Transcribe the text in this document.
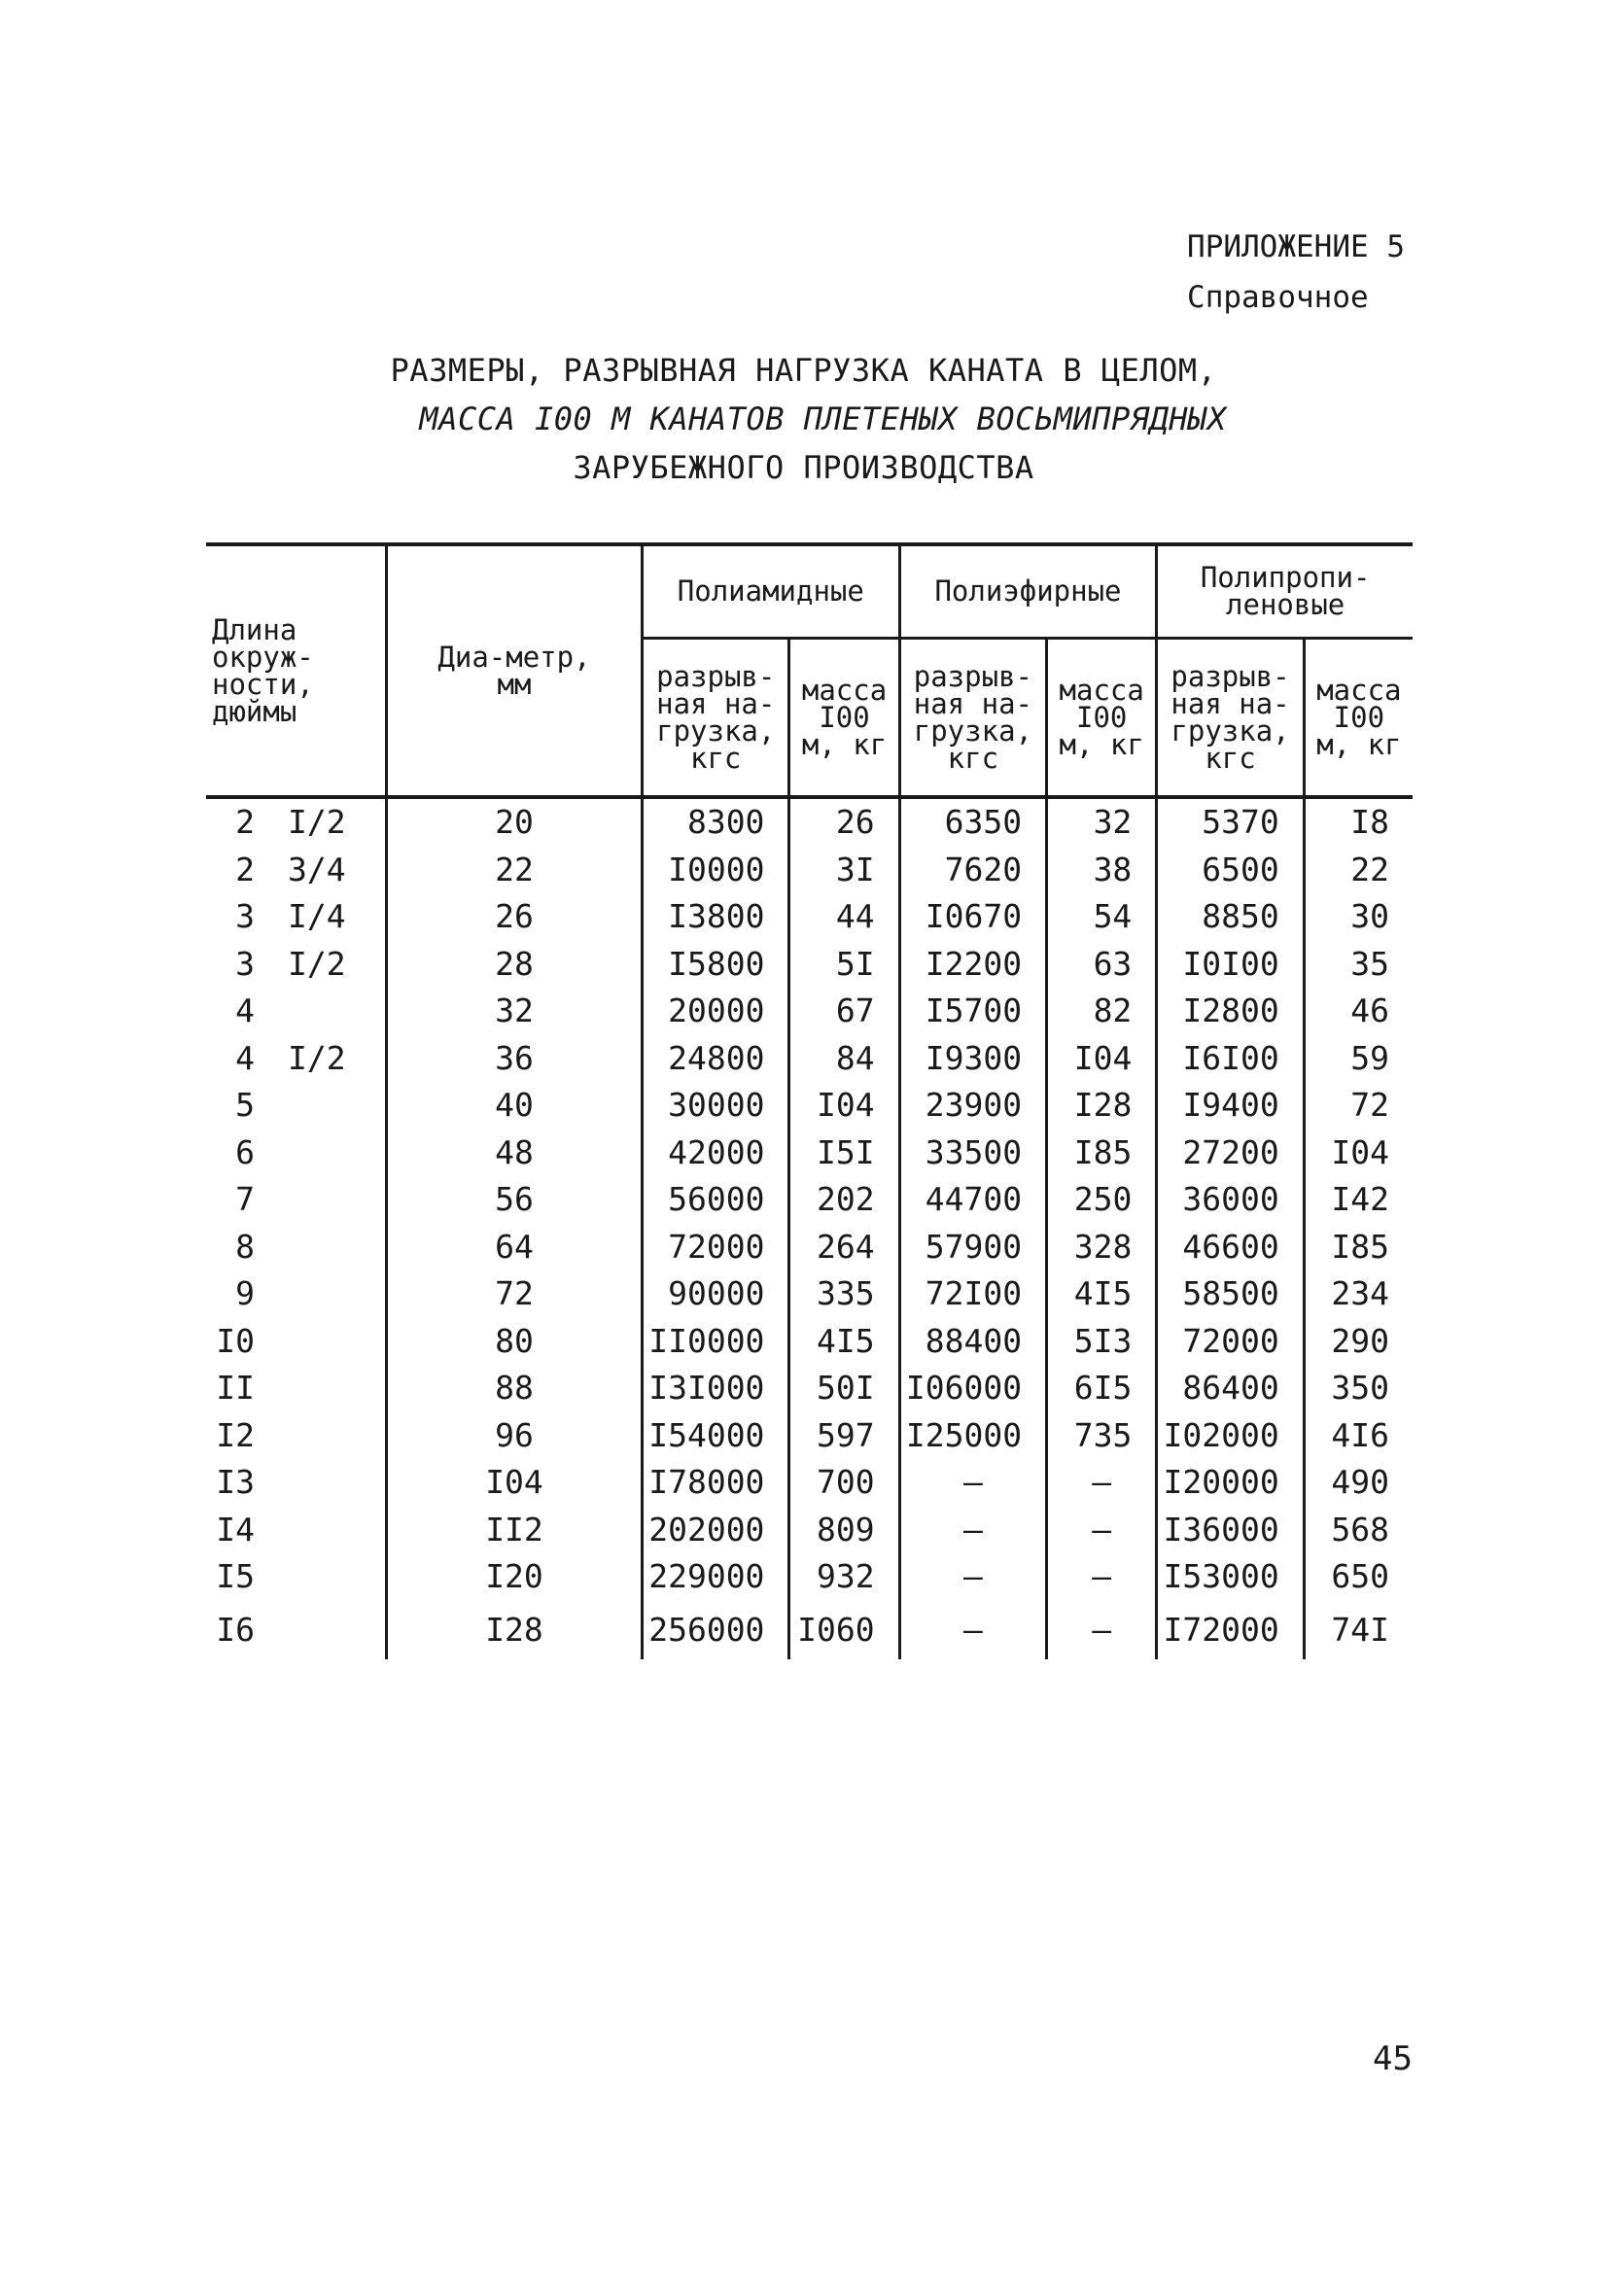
ПРИЛОЖЕНИЕ 5
Справочное
РАЗМЕРЫ, РАЗРЫВНАЯ НАГРУЗКА КАНАТА В ЦЕЛОМ,
МАССА I00 М КАНАТОВ ПЛЕТЕНЫХ ВОСЬМИПРЯДНЫХ
ЗАРУБЕЖНОГО ПРОИЗВОДСТВА
Длина окруж-ности, дюймы	Диа-метр, мм	Полиамидные		Полиэфирные		Полипропи-леновые	
		разрыв-ная на-грузка, кгс	масса I00 м, кг	разрыв-ная на-грузка, кгс	масса I00 м, кг	разрыв-ная на-грузка, кгс	масса I00 м, кг
2 I/2	20	8300	26	6350	32	5370	I8
2 3/4	22	I0000	3I	7620	38	6500	22
3 I/4	26	I3800	44	I0670	54	8850	30
3 I/2	28	I5800	5I	I2200	63	I0I00	35
4	32	20000	67	I5700	82	I2800	46
4 I/2	36	24800	84	I9300	I04	I6I00	59
5	40	30000	I04	23900	I28	I9400	72
6	48	42000	I5I	33500	I85	27200	I04
7	56	56000	202	44700	250	36000	I42
8	64	72000	264	57900	328	46600	I85
9	72	90000	335	72I00	4I5	58500	234
I0	80	II0000	4I5	88400	5I3	72000	290
II	88	I3I000	50I	I06000	6I5	86400	350
I2	96	I54000	597	I25000	735	I02000	4I6
I3	I04	I78000	700	–	–	I20000	490
I4	II2	202000	809	–	–	I36000	568
I5	I20	229000	932	–	–	I53000	650
I6	I28	256000	I060	–	–	I72000	74I
45
